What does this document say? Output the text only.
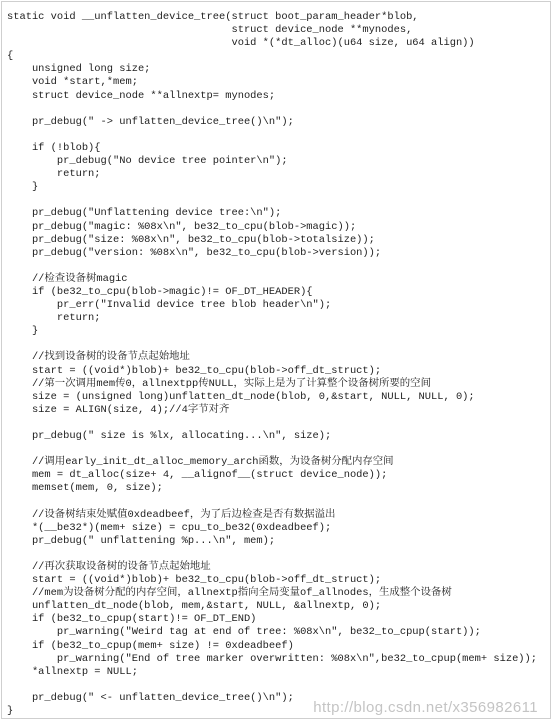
static void __unflatten_device_tree(struct boot_param_header*blob,
struct device_node **mynodes,
void *(*dt_alloc)(u64 size, u64 align))
{
unsigned long size;
void *start,*mem;
struct device_node **allnextp= mynodes;
pr_debug(" -> unflatten_device_tree()\n");
if (!blob){
pr_debug("No device tree pointer\n");
return;
}
pr_debug("Unflattening device tree:\n");
pr_debug("magic: %08x\n", be32_to_cpu(blob->magic));
pr_debug("size: %08x\n", be32_to_cpu(blob->totalsize));
pr_debug("version: %08x\n", be32_to_cpu(blob->version));
//检查设备树magic
if (be32_to_cpu(blob->magic)!= OF_DT_HEADER){
pr_err("Invalid device tree blob header\n");
return;
}
//找到设备树的设备节点起始地址
start = ((void*)blob)+ be32_to_cpu(blob->off_dt_struct);
//第一次调用mem传0，allnextpp传NULL，实际上是为了计算整个设备树所要的空间
size = (unsigned long)unflatten_dt_node(blob, 0,&start, NULL, NULL, 0);
size = ALIGN(size, 4);//4字节对齐
pr_debug(" size is %lx, allocating...\n", size);
//调用early_init_dt_alloc_memory_arch函数，为设备树分配内存空间
mem = dt_alloc(size+ 4, __alignof__(struct device_node));
memset(mem, 0, size);
//设备树结束处赋值0xdeadbeef，为了后边检查是否有数据溢出
*(__be32*)(mem+ size) = cpu_to_be32(0xdeadbeef);
pr_debug(" unflattening %p...\n", mem);
//再次获取设备树的设备节点起始地址
start = ((void*)blob)+ be32_to_cpu(blob->off_dt_struct);
//mem为设备树分配的内存空间，allnextp指向全局变量of_allnodes，生成整个设备树
unflatten_dt_node(blob, mem,&start, NULL, &allnextp, 0);
if (be32_to_cpup(start)!= OF_DT_END)
pr_warning("Weird tag at end of tree: %08x\n", be32_to_cpup(start));
if (be32_to_cpup(mem+ size) != 0xdeadbeef)
pr_warning("End of tree marker overwritten: %08x\n",be32_to_cpup(mem+ size));
*allnextp = NULL;
pr_debug(" <- unflatten_device_tree()\n");
}	http://blog.csdn.net/x356982611
